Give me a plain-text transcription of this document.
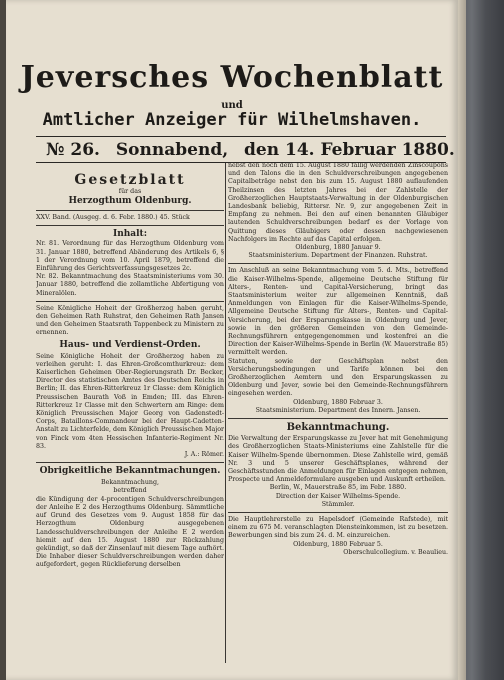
Jeversches Wochenblatt
und
Amtlicher Anzeiger für Wilhelmshaven.
№ 26. Sonnabend, den 14. Februar 1880.
Gesetzblatt
für das
Herzogthum Oldenburg.

XXV. Band. (Ausgeg. d. 6. Febr. 1880.) 45. Stück

Inhalt:

Nr. 81. Verordnung für das Herzogthum Oldenburg vom 31. Januar 1880, betreffend Abänderung des Artikels 6, § 1 der Verordnung vom 10. April 1879, betreffend die Einführung des Gerichtsverfassungsgesetzes 2c.

Nr. 82. Bekanntmachung des Staatsministeriums vom 30. Januar 1880, betreffend die zollamtliche Abfertigung von Mineralölen.

Seine Königliche Hoheit der Großherzog haben geruht, den Geheimen Rath Ruhstrat, den Geheimen Rath Jansen und den Geheimen Staatsrath Tappenbeck zu Ministern zu ernennen.

Haus- und Verdienst-Orden.

Seine Königliche Hoheit der Großherzog haben zu verleihen geruht: I. das Ehren-Großcomthurkreuz: dem Kaiserlichen Geheimen Ober-Regierungsrath Dr. Becker, Director des statistischen Amtes des Deutschen Reichs in Berlin; II. das Ehren-Ritterkreuz 1r Classe: dem Königlich Preussischen Baurath Voß in Emden; III. das Ehren-Ritterkreuz 1r Classe mit den Schwertern am Ringe: dem Königlich Preussischen Major Georg von Gadenstedt-Corps, Bataillons-Commandeur bei der Haupt-Cadetten-Anstalt zu Lichterfelde, dem Königlich Preussischen Major von Finck vom 4ten Hessischen Infanterie-Regiment Nr. 83.

J. A.: Römer.

Obrigkeitliche Bekanntmachungen.
Bekanntmachung,
betreffend

die Kündigung der 4-procentigen Schuldverschreibungen der Anleihe E 2 des Herzogthums Oldenburg. Sämmtliche auf Grund des Gesetzes vom 9. August 1858 für das Herzogthum Oldenburg ausgegebenen Landesschuldverschreibungen der Anleihe E 2 werden hiemit auf den 15. August 1880 zur Rückzahlung gekündigt, so daß der Zinsenlauf mit diesem Tage aufhört. Die Inhaber dieser Schuldverschreibungen werden daher aufgefordert, gegen Rücklieferung derselben

nebst den noch dem 15. August 1880 fällig werdenden Zinscoupons und den Talons die in den Schuldverschreibungen angegebenen Capitalbeträge nebst den bis zum 15. August 1880 auflaufenden Theilzinsen des letzten Jahres bei der Zahlstelle der Großherzoglichen Hauptstaats-Verwaltung in der Oldenburgischen Landesbank beliebig, Rittersr. Nr. 9, zur angegebenen Zeit in Empfang zu nehmen. Bei den auf einen benannten Gläubiger lautenden Schuldverschreibungen bedarf es der Vorlage von Quittung dieses Gläubigers oder dessen nachgewiesenen Nachfolgers im Rechte auf das Capital erfolgen.

Oldenburg, 1880 Januar 9.

Staatsministerium. Department der Finanzen. Ruhstrat.

Im Anschluß an seine Bekanntmachung vom 5. d. Mts., betreffend die Kaiser-Wilhelms-Spende, allgemeine Deutsche Stiftung für Alters-, Renten- und Capital-Versicherung, bringt das Staatsministerium weiter zur allgemeinen Kenntniß, daß Anmeldungen von Einlagen für die Kaiser-Wilhelms-Spende, Allgemeine Deutsche Stiftung für Alters-, Renten- und Capital-Versicherung, bei der Ersparungskasse in Oldenburg und Jever, sowie in den größeren Gemeinden von den Gemeinde-Rechnungsführern entgegengenommen und kostenfrei an die Direction der Kaiser-Wilhelms-Spende in Berlin (W. Mauerstraße 85) vermittelt werden.

Statuten, sowie der Geschäftsplan nebst den Versicherungsbedingungen und Tarife können bei den Großherzoglichen Aemtern und den Ersparungskassen zu Oldenburg und Jever, sowie bei den Gemeinde-Rechnungsführern eingesehen werden.

Oldenburg, 1880 Februar 3.

Staatsministerium. Department des Innern. Jansen.

Bekanntmachung.

Die Verwaltung der Ersparungskasse zu Jever hat mit Genehmigung des Großherzoglichen Staats-Ministeriums eine Zahlstelle für die Kaiser Wilhelm-Spende übernommen. Diese Zahlstelle wird, gemäß Nr. 3 und 5 unserer Geschäftsplanes, während der Geschäftsstunden die Anmeldungen für Einlagen entgegen nehmen, Prospecte und Anmeldeformulare ausgeben und Auskunft ertheilen.

Berlin, W., Mauerstraße 85, im Febr. 1880.

Direction der Kaiser Wilhelms-Spende.

Stämmler.

Die Hauptlehrerstelle zu Hapelsdorf (Gemeinde Rafstede), mit einem zu 675 M. veranschlagten Diensteinkommen, ist zu besetzen. Bewerbungen sind bis zum 24. d. M. einzureichen.

Oldenburg, 1880 Februar 5.

Oberschulcollegium. v. Beaulieu.
